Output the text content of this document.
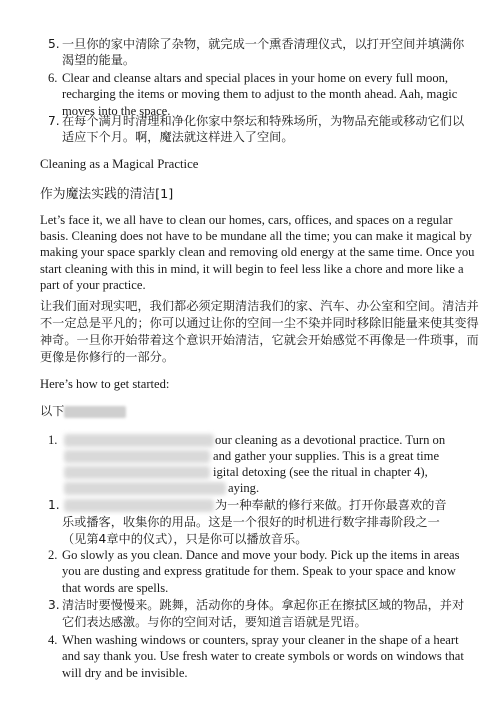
5. 一旦你的家中清除了杂物，就完成一个熏香清理仪式，以打开空间并填满你渴望的能量。
6. Clear and cleanse altars and special places in your home on every full moon, recharging the items or moving them to adjust to the month ahead. Aah, magic moves into the space.
7. 在每个满月时清理和净化你家中祭坛和特殊场所，为物品充能或移动它们以适应下个月。啊，魔法就这样进入了空间。
Cleaning as a Magical Practice
作为魔法实践的清洁[1]

Let’s face it, we all have to clean our homes, cars, offices, and spaces on a regular basis. Cleaning does not have to be mundane all the time; you can make it magical by making your space sparkly clean and removing old energy at the same time. Once you start cleaning with this in mind, it will begin to feel less like a chore and more like a part of your practice.

让我们面对现实吧，我们都必须定期清洁我们的家、汽车、办公室和空间。清洁并不一定总是平凡的；你可以通过让你的空间一尘不染并同时移除旧能量来使其变得神奇。一旦你开始带着这个意识开始清洁，它就会开始感觉不再像是一件琐事，而更像是你修行的一部分。

Here’s how to get started:

以下

1.	our cleaning as a devotional practice. Turn on
and gather your supplies. This is a great time
igital detoxing (see the ritual in chapter 4),
aying.
1.	为一种奉献的修行来做。打开你最喜欢的音
乐或播客，收集你的用品。这是一个很好的时机进行数字排毒阶段之一
（见第4章中的仪式），只是你可以播放音乐。
2. Go slowly as you clean. Dance and move your body. Pick up the items in areas you are dusting and express gratitude for them. Speak to your space and know that words are spells.
3. 清洁时要慢慢来。跳舞，活动你的身体。拿起你正在擦拭区域的物品，并对它们表达感激。与你的空间对话，要知道言语就是咒语。
4. When washing windows or counters, spray your cleaner in the shape of a heart and say thank you. Use fresh water to create symbols or words on windows that will dry and be invisible.
